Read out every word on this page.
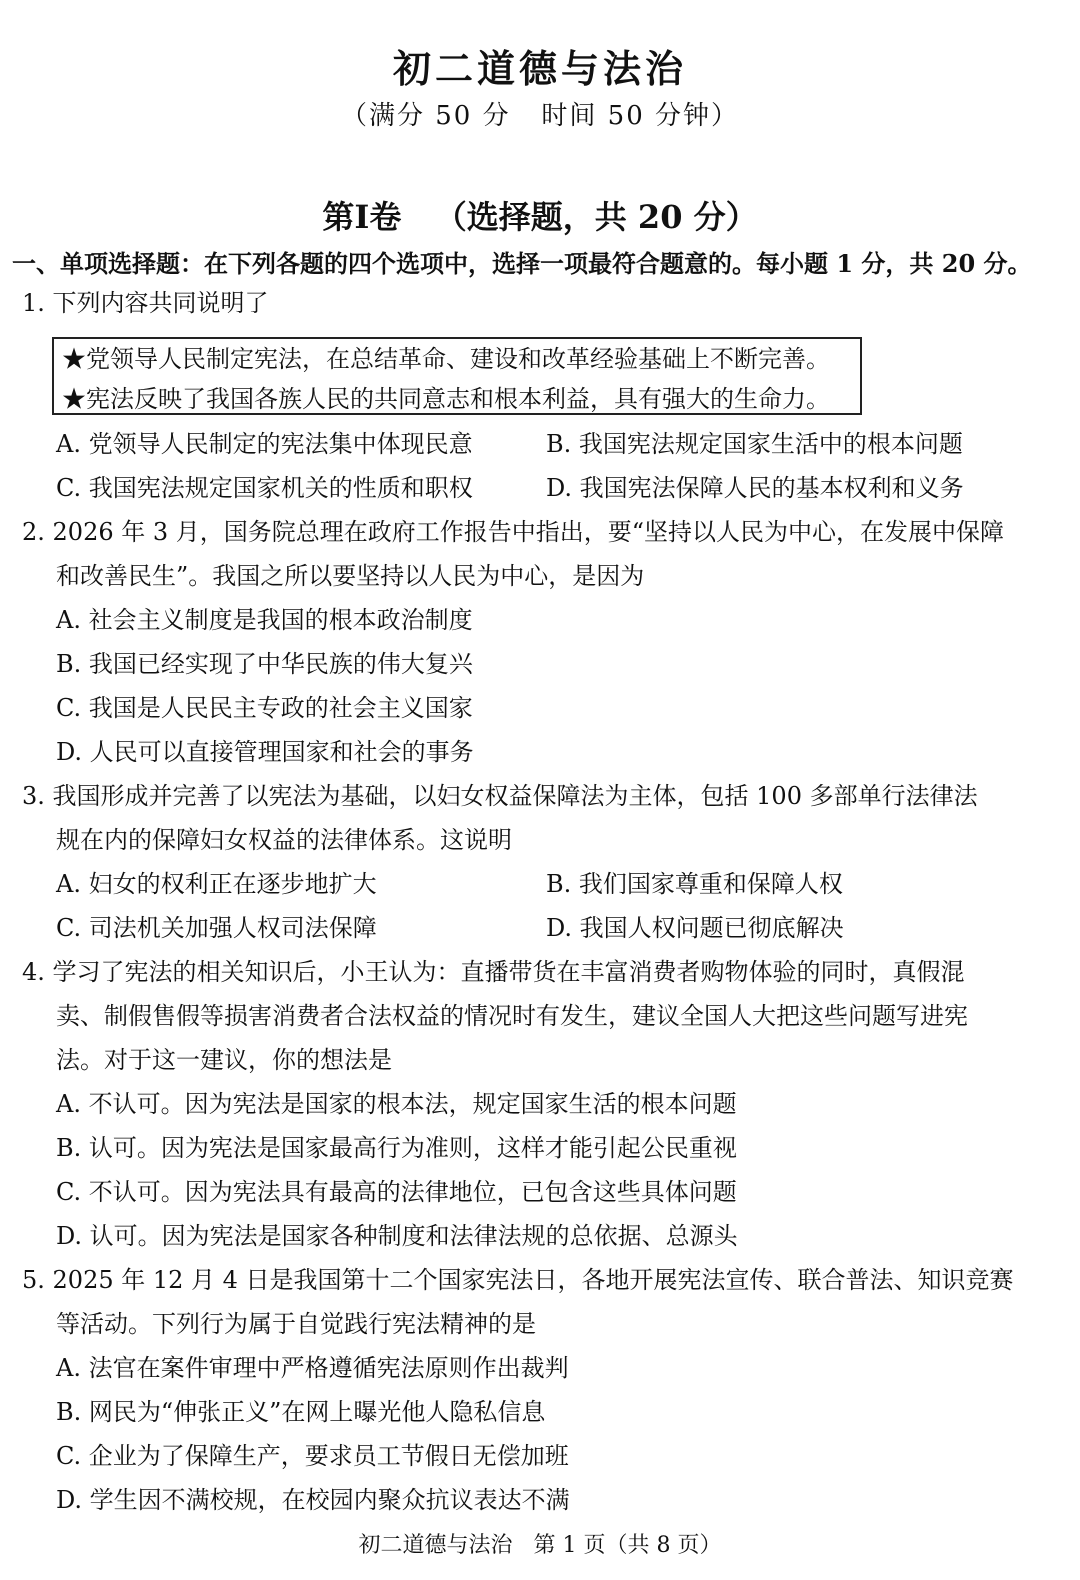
初二道德与法治
（满分 50 分   时间 50 分钟）
第Ⅰ卷   （选择题，共 20 分）
一、单项选择题：在下列各题的四个选项中，选择一项最符合题意的。每小题 1 分，共 20 分。
1. 下列内容共同说明了
★党领导人民制定宪法，在总结革命、建设和改革经验基础上不断完善。
★宪法反映了我国各族人民的共同意志和根本利益，具有强大的生命力。
A. 党领导人民制定的宪法集中体现民意	B. 我国宪法规定国家生活中的根本问题
C. 我国宪法规定国家机关的性质和职权	D. 我国宪法保障人民的基本权利和义务
2. 2026 年 3 月，国务院总理在政府工作报告中指出，要“坚持以人民为中心，在发展中保障
和改善民生”。我国之所以要坚持以人民为中心，是因为
A. 社会主义制度是我国的根本政治制度
B. 我国已经实现了中华民族的伟大复兴
C. 我国是人民民主专政的社会主义国家
D. 人民可以直接管理国家和社会的事务
3. 我国形成并完善了以宪法为基础，以妇女权益保障法为主体，包括 100 多部单行法律法
规在内的保障妇女权益的法律体系。这说明
A. 妇女的权利正在逐步地扩大	B. 我们国家尊重和保障人权
C. 司法机关加强人权司法保障	D. 我国人权问题已彻底解决
4. 学习了宪法的相关知识后，小王认为：直播带货在丰富消费者购物体验的同时，真假混
卖、制假售假等损害消费者合法权益的情况时有发生，建议全国人大把这些问题写进宪
法。对于这一建议，你的想法是
A. 不认可。因为宪法是国家的根本法，规定国家生活的根本问题
B. 认可。因为宪法是国家最高行为准则，这样才能引起公民重视
C. 不认可。因为宪法具有最高的法律地位，已包含这些具体问题
D. 认可。因为宪法是国家各种制度和法律法规的总依据、总源头
5. 2025 年 12 月 4 日是我国第十二个国家宪法日，各地开展宪法宣传、联合普法、知识竞赛
等活动。下列行为属于自觉践行宪法精神的是
A. 法官在案件审理中严格遵循宪法原则作出裁判
B. 网民为“伸张正义”在网上曝光他人隐私信息
C. 企业为了保障生产，要求员工节假日无偿加班
D. 学生因不满校规，在校园内聚众抗议表达不满
初二道德与法治   第 1 页（共 8 页）
